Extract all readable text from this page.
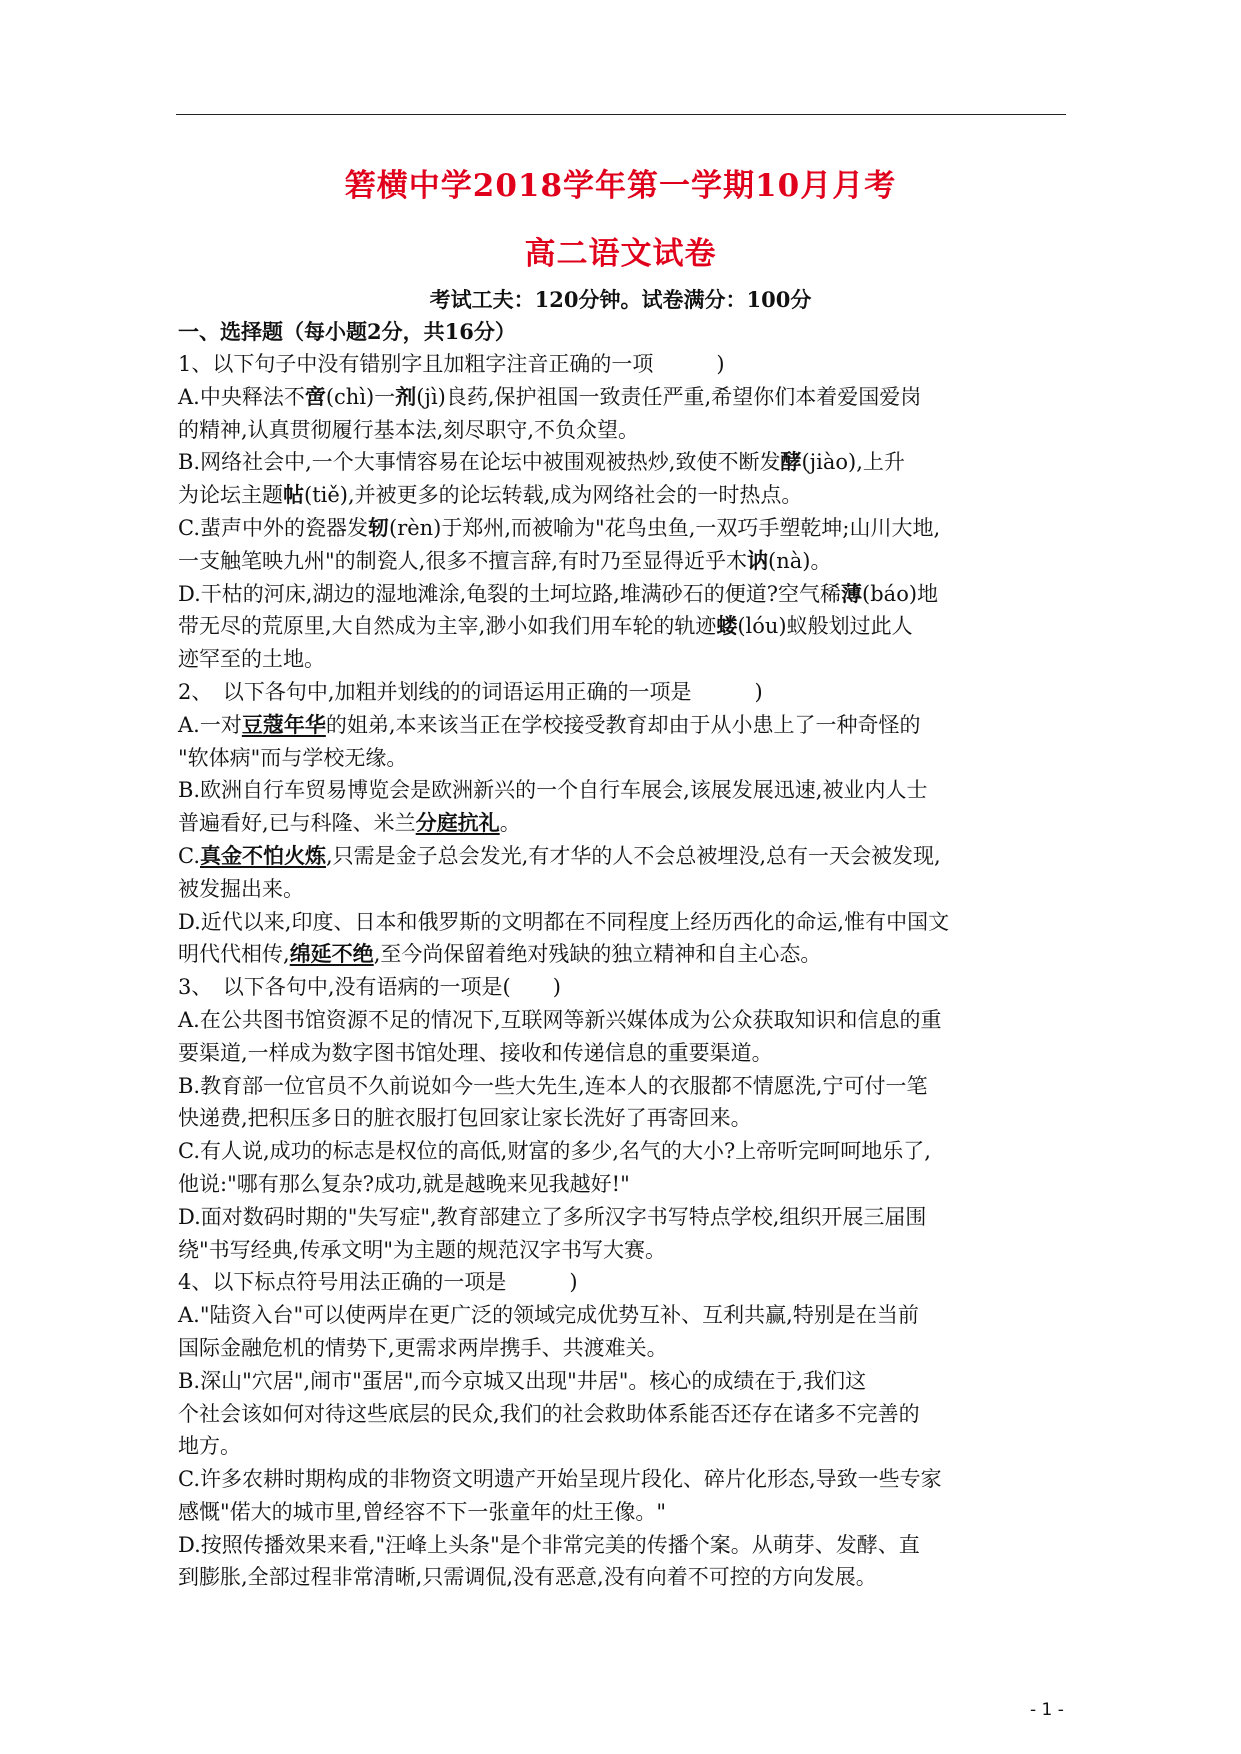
箬横中学2018学年第一学期10月月考
高二语文试卷
考试工夫：120分钟。试卷满分：100分
一、选择题（每小题2分，共16分）
1、以下句子中没有错别字且加粗字注音正确的一项　　　)
A.中央释法不啻(chì)一剂(jì)良药,保护祖国一致责任严重,希望你们本着爱国爱岗
的精神,认真贯彻履行基本法,刻尽职守,不负众望。
B.网络社会中,一个大事情容易在论坛中被围观被热炒,致使不断发酵(jiào),上升
为论坛主题帖(tiě),并被更多的论坛转载,成为网络社会的一时热点。
C.蜚声中外的瓷器发轫(rèn)于郑州,而被喻为"花鸟虫鱼,一双巧手塑乾坤;山川大地,
一支触笔映九州"的制瓷人,很多不擅言辞,有时乃至显得近乎木讷(nà)。
D.干枯的河床,湖边的湿地滩涂,龟裂的土坷垃路,堆满砂石的便道?空气稀薄(báo)地
带无尽的荒原里,大自然成为主宰,渺小如我们用车轮的轨迹蝼(lóu)蚁般划过此人
迹罕至的土地。
2、　以下各句中,加粗并划线的的词语运用正确的一项是　　　)
A.一对豆蔻年华的姐弟,本来该当正在学校接受教育却由于从小患上了一种奇怪的
"软体病"而与学校无缘。
B.欧洲自行车贸易博览会是欧洲新兴的一个自行车展会,该展发展迅速,被业内人士
普遍看好,已与科隆、米兰分庭抗礼。
C.真金不怕火炼,只需是金子总会发光,有才华的人不会总被埋没,总有一天会被发现,
被发掘出来。
D.近代以来,印度、日本和俄罗斯的文明都在不同程度上经历西化的命运,惟有中国文
明代代相传,绵延不绝,至今尚保留着绝对残缺的独立精神和自主心态。
3、　以下各句中,没有语病的一项是(　　)
A.在公共图书馆资源不足的情况下,互联网等新兴媒体成为公众获取知识和信息的重
要渠道,一样成为数字图书馆处理、接收和传递信息的重要渠道。
B.教育部一位官员不久前说如今一些大先生,连本人的衣服都不情愿洗,宁可付一笔
快递费,把积压多日的脏衣服打包回家让家长洗好了再寄回来。
C.有人说,成功的标志是权位的高低,财富的多少,名气的大小?上帝听完呵呵地乐了,
他说:"哪有那么复杂?成功,就是越晚来见我越好!"
D.面对数码时期的"失写症",教育部建立了多所汉字书写特点学校,组织开展三届围
绕"书写经典,传承文明"为主题的规范汉字书写大赛。
4、以下标点符号用法正确的一项是　　　)
A."陆资入台"可以使两岸在更广泛的领域完成优势互补、互利共赢,特别是在当前
国际金融危机的情势下,更需求两岸携手、共渡难关。
B.深山"穴居",闹市"蛋居",而今京城又出现"井居"。核心的成绩在于,我们这
个社会该如何对待这些底层的民众,我们的社会救助体系能否还存在诸多不完善的
地方。
C.许多农耕时期构成的非物资文明遗产开始呈现片段化、碎片化形态,导致一些专家
感慨"偌大的城市里,曾经容不下一张童年的灶王像。"
D.按照传播效果来看,"汪峰上头条"是个非常完美的传播个案。从萌芽、发酵、直
到膨胀,全部过程非常清晰,只需调侃,没有恶意,没有向着不可控的方向发展。
- 1 -
